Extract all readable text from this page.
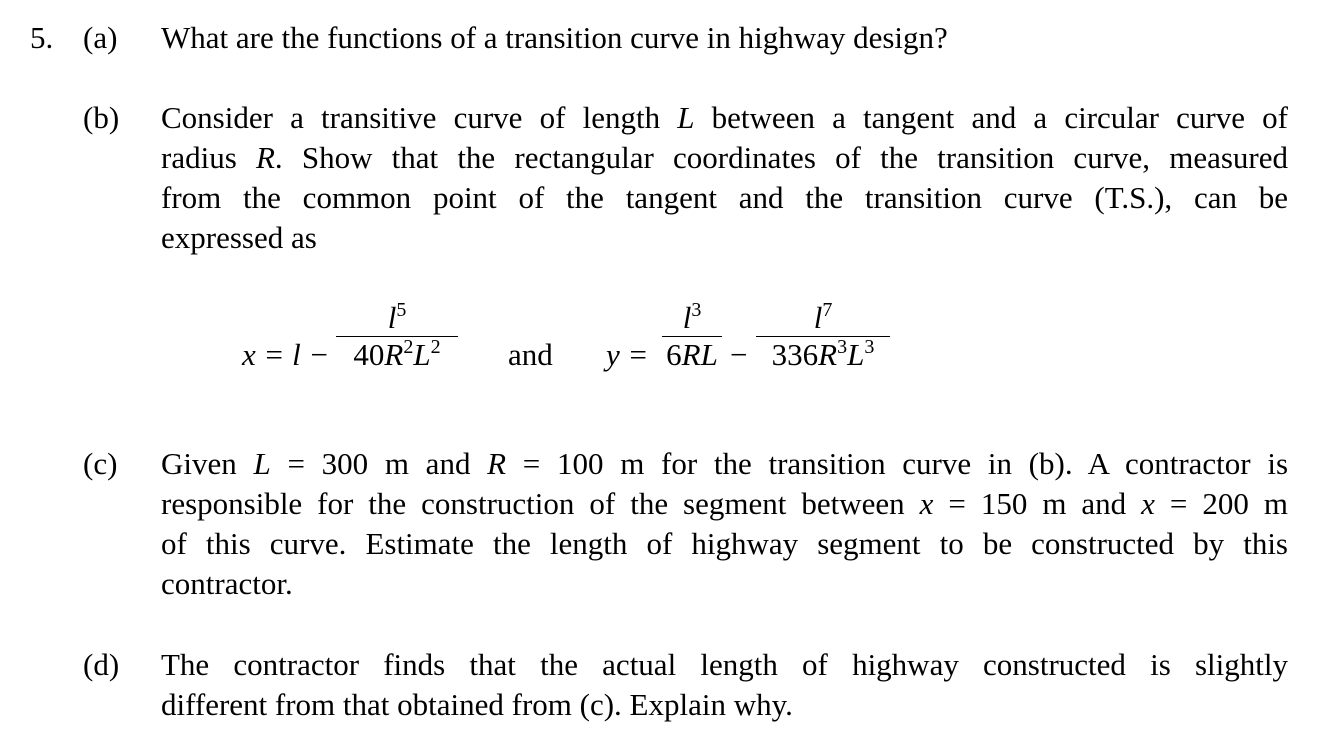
5. (a) What are the functions of a transition curve in highway design?
(b) Consider a transitive curve of length L between a tangent and a circular curve of
radius R. Show that the rectangular coordinates of the transition curve, measured
from the common point of the tangent and the transition curve (T.S.), can be
expressed as
x = l −
$l^5$
$40R^2L^2$	and y =
$l^3$
6RL −
$l^7$
$336R^3L^3$
(c) Given L = 300 m and R = 100 m for the transition curve in (b). A contractor is
responsible for the construction of the segment between x = 150 m and x = 200 m
of this curve. Estimate the length of highway segment to be constructed by this
contractor.
(d) The contractor finds that the actual length of highway constructed is slightly
different from that obtained from (c). Explain why.
